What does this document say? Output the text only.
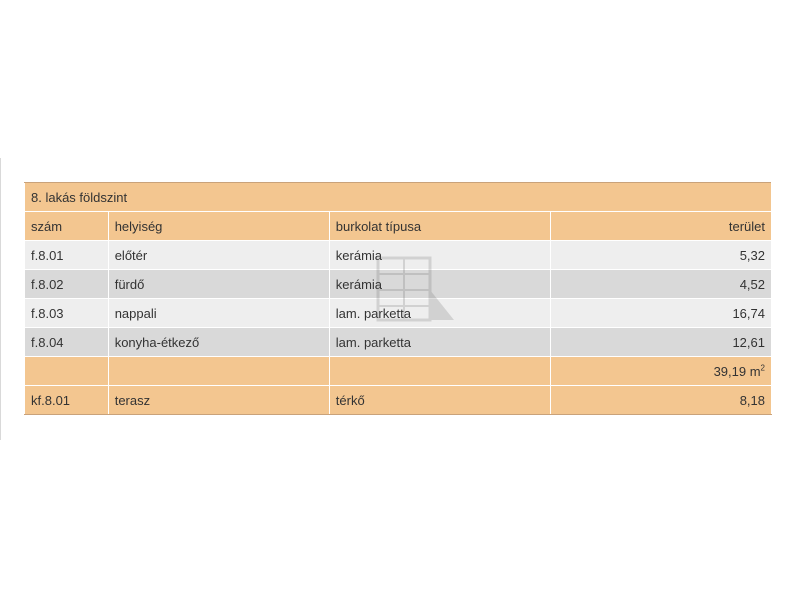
8. lakás földszint			
szám	helyiség	burkolat típusa	terület
f.8.01	előtér	kerámia	5,32
f.8.02	fürdő	kerámia	4,52
f.8.03	nappali	lam. parketta	16,74
f.8.04	konyha-étkező	lam. parketta	12,61
			39,19 $m^2$
kf.8.01	terasz	térkő	8,18
